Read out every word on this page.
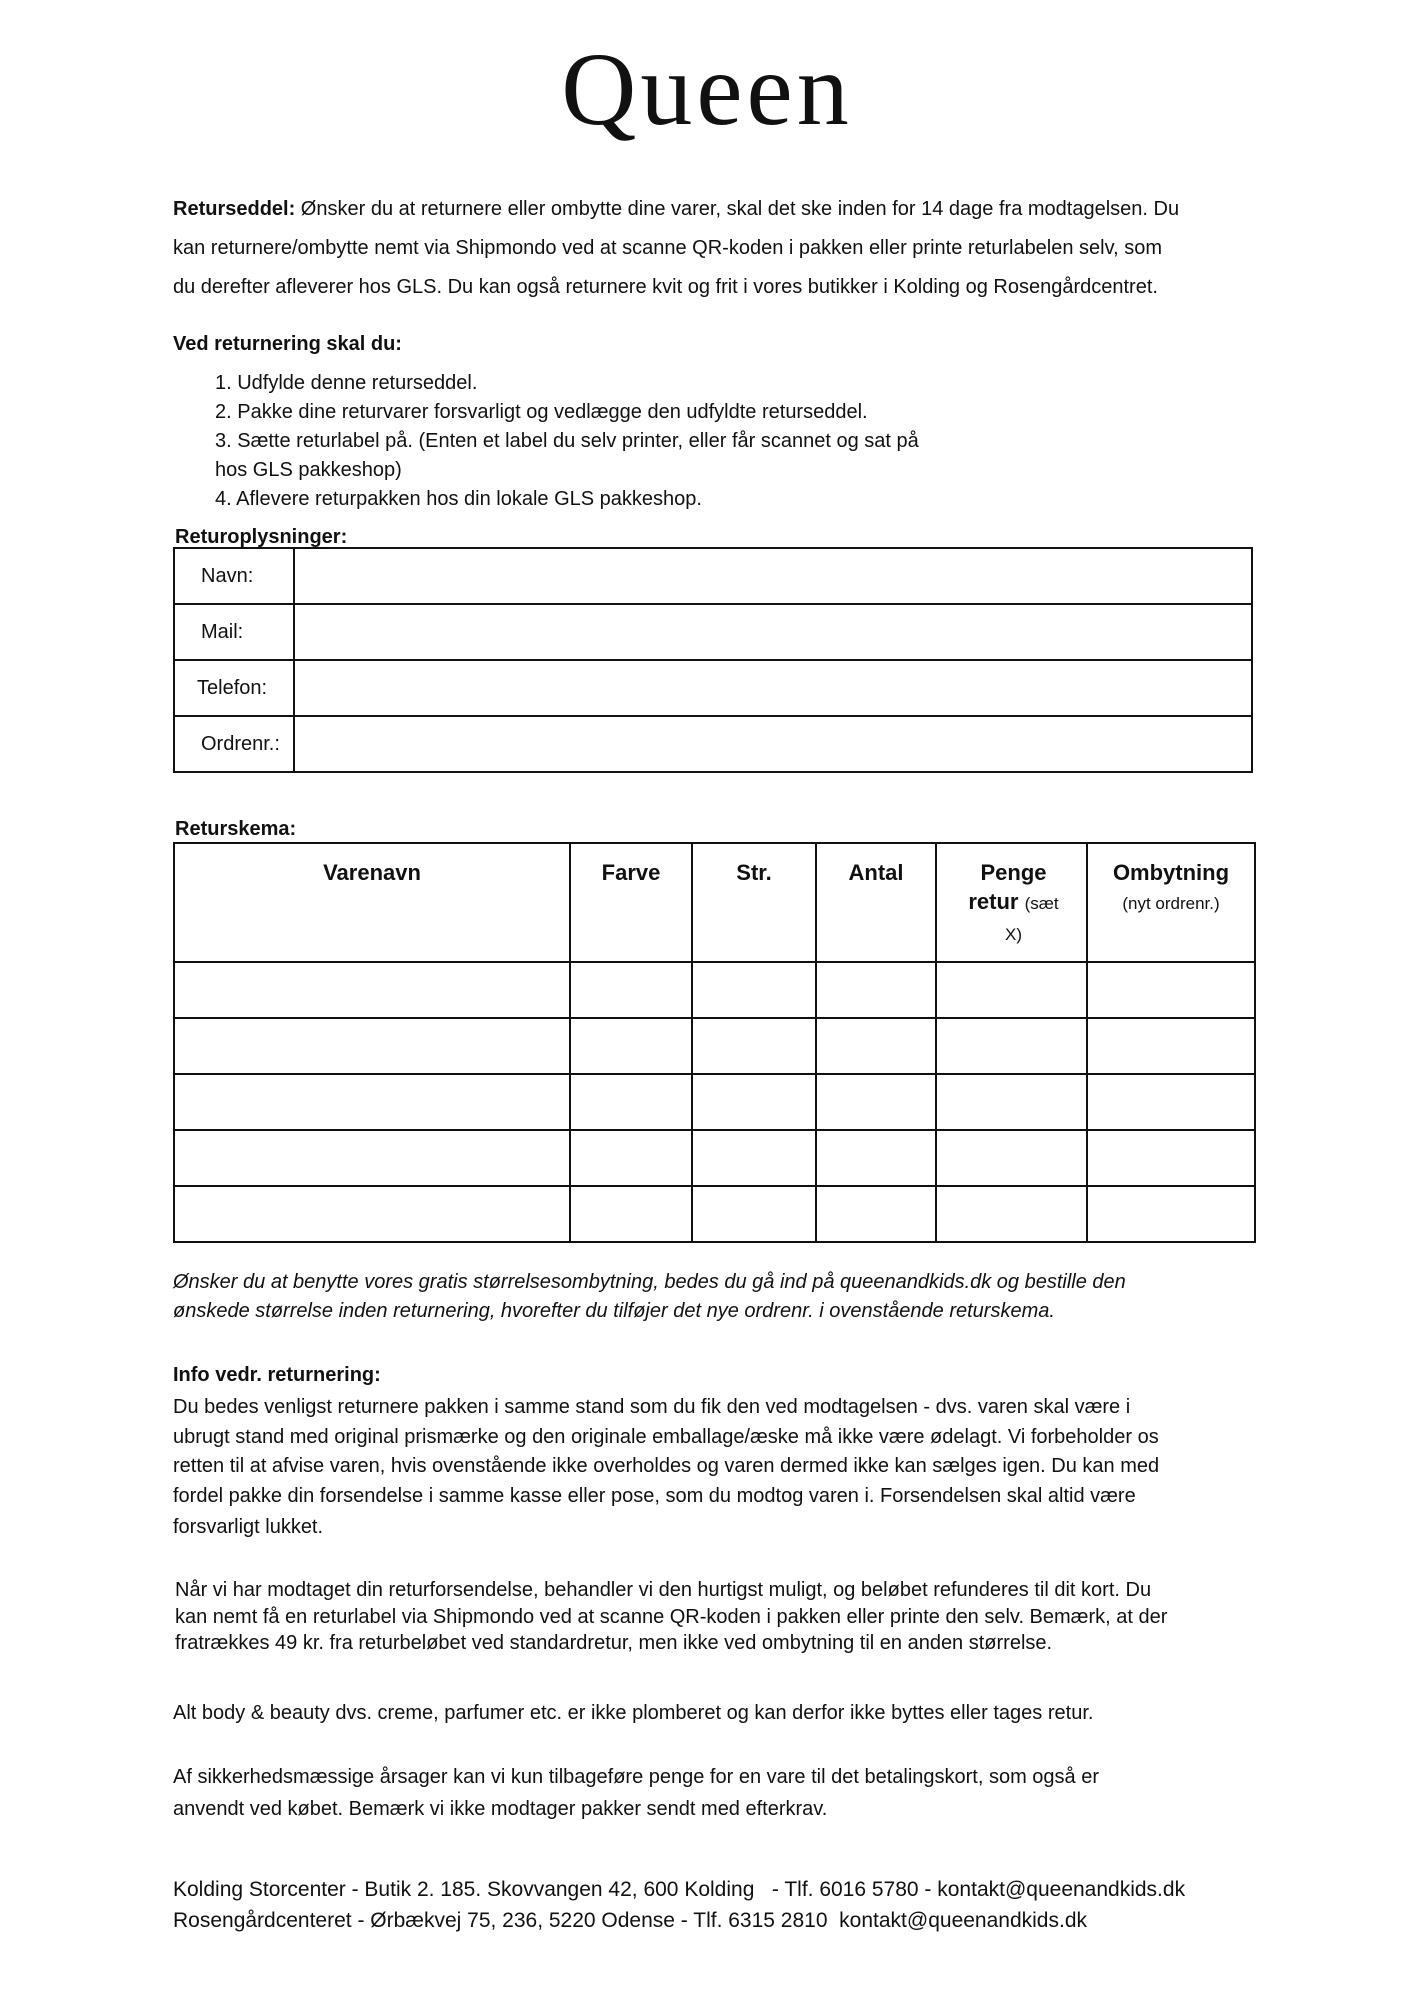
Queen
Returseddel: Ønsker du at returnere eller ombytte dine varer, skal det ske inden for 14 dage fra modtagelsen. Du
kan returnere/ombytte nemt via Shipmondo ved at scanne QR-koden i pakken eller printe returlabelen selv, som
du derefter afleverer hos GLS. Du kan også returnere kvit og frit i vores butikker i Kolding og Rosengårdcentret.
Ved returnering skal du:
1. Udfylde denne returseddel.
2. Pakke dine returvarer forsvarligt og vedlægge den udfyldte returseddel.
3. Sætte returlabel på. (Enten et label du selv printer, eller får scannet og sat på hos GLS pakkeshop)
4. Aflevere returpakken hos din lokale GLS pakkeshop.
Returoplysninger:
Navn:	
Mail:	
Telefon:	
Ordrenr.:	
Returskema:
Varenavn	Farve	Str.	Antal	Penge retur (sæt X)	Ombytning
(nyt ordrenr.)

Ønsker du at benytte vores gratis størrelsesombytning, bedes du gå ind på queenandkids.dk og bestille den
ønskede størrelse inden returnering, hvorefter du tilføjer det nye ordrenr. i ovenstående returskema.
Info vedr. returnering:
Du bedes venligst returnere pakken i samme stand som du fik den ved modtagelsen - dvs. varen skal være i
ubrugt stand med original prismærke og den originale emballage/æske må ikke være ødelagt. Vi forbeholder os
retten til at afvise varen, hvis ovenstående ikke overholdes og varen dermed ikke kan sælges igen. Du kan med
fordel pakke din forsendelse i samme kasse eller pose, som du modtog varen i. Forsendelsen skal altid være
forsvarligt lukket.
Når vi har modtaget din returforsendelse, behandler vi den hurtigst muligt, og beløbet refunderes til dit kort. Du
kan nemt få en returlabel via Shipmondo ved at scanne QR-koden i pakken eller printe den selv. Bemærk, at der
fratrækkes 49 kr. fra returbeløbet ved standardretur, men ikke ved ombytning til en anden størrelse.
Alt body & beauty dvs. creme, parfumer etc. er ikke plomberet og kan derfor ikke byttes eller tages retur.
Af sikkerhedsmæssige årsager kan vi kun tilbageføre penge for en vare til det betalingskort, som også er
anvendt ved købet. Bemærk vi ikke modtager pakker sendt med efterkrav.
Kolding Storcenter - Butik 2. 185. Skovvangen 42, 600 Kolding   - Tlf. 6016 5780 - kontakt@queenandkids.dk
Rosengårdcenteret - Ørbækvej 75, 236, 5220 Odense - Tlf. 6315 2810  kontakt@queenandkids.dk
